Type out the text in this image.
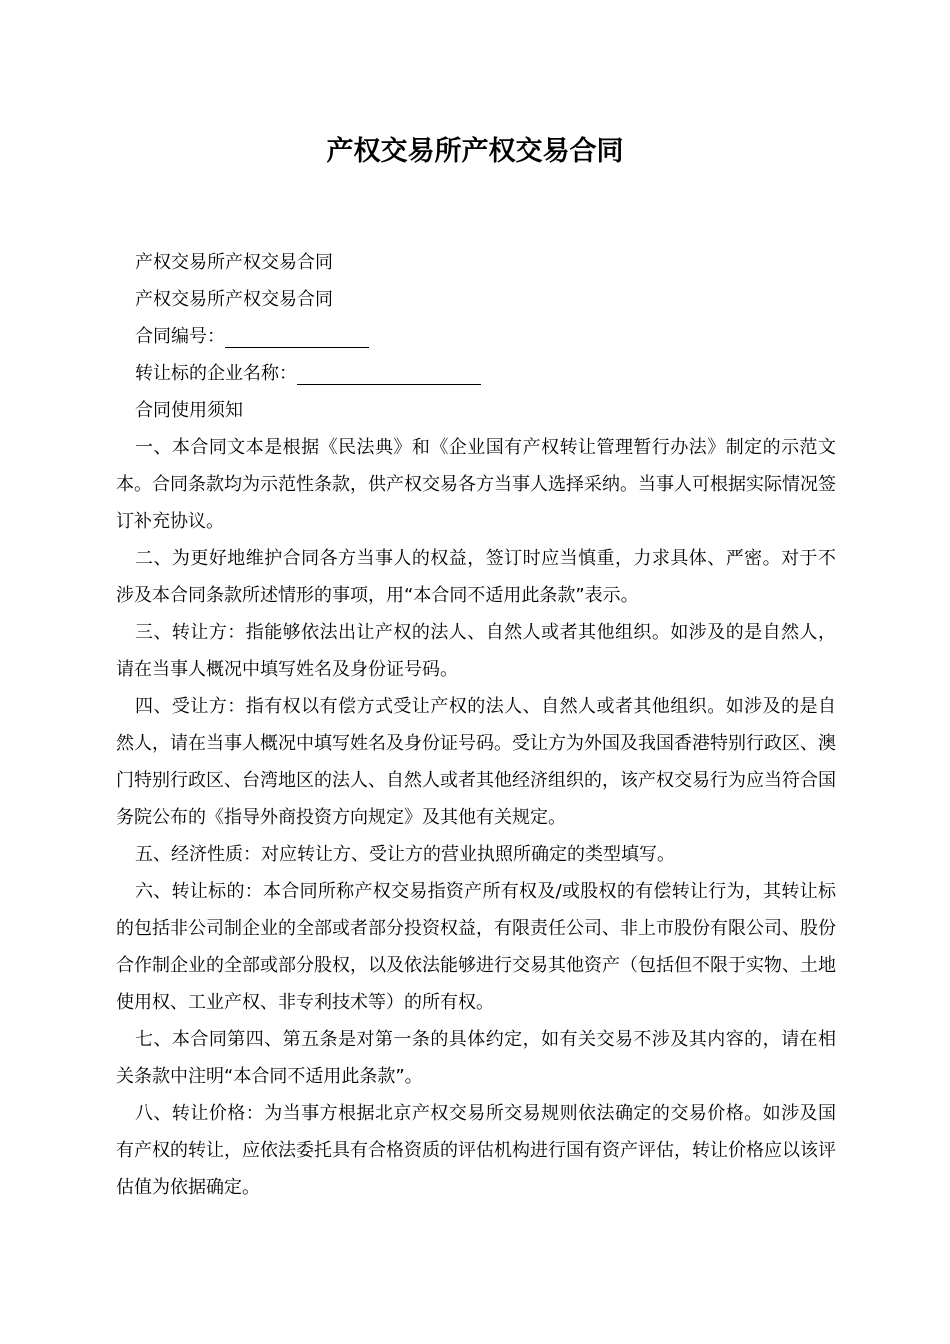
产权交易所产权交易合同
产权交易所产权交易合同
产权交易所产权交易合同
合同编号：
转让标的企业名称：
合同使用须知
一、本合同文本是根据《民法典》和《企业国有产权转让管理暂行办法》制定的示范文本。合同条款均为示范性条款，供产权交易各方当事人选择采纳。当事人可根据实际情况签订补充协议。
二、为更好地维护合同各方当事人的权益，签订时应当慎重，力求具体、严密。对于不涉及本合同条款所述情形的事项，用“本合同不适用此条款”表示。
三、转让方：指能够依法出让产权的法人、自然人或者其他组织。如涉及的是自然人，请在当事人概况中填写姓名及身份证号码。
四、受让方：指有权以有偿方式受让产权的法人、自然人或者其他组织。如涉及的是自然人，请在当事人概况中填写姓名及身份证号码。受让方为外国及我国香港特别行政区、澳门特别行政区、台湾地区的法人、自然人或者其他经济组织的，该产权交易行为应当符合国务院公布的《指导外商投资方向规定》及其他有关规定。
五、经济性质：对应转让方、受让方的营业执照所确定的类型填写。
六、转让标的：本合同所称产权交易指资产所有权及/或股权的有偿转让行为，其转让标的包括非公司制企业的全部或者部分投资权益，有限责任公司、非上市股份有限公司、股份合作制企业的全部或部分股权，以及依法能够进行交易其他资产（包括但不限于实物、土地使用权、工业产权、非专利技术等）的所有权。
七、本合同第四、第五条是对第一条的具体约定，如有关交易不涉及其内容的，请在相关条款中注明“本合同不适用此条款”。
八、转让价格：为当事方根据北京产权交易所交易规则依法确定的交易价格。如涉及国有产权的转让，应依法委托具有合格资质的评估机构进行国有资产评估，转让价格应以该评估值为依据确定。
